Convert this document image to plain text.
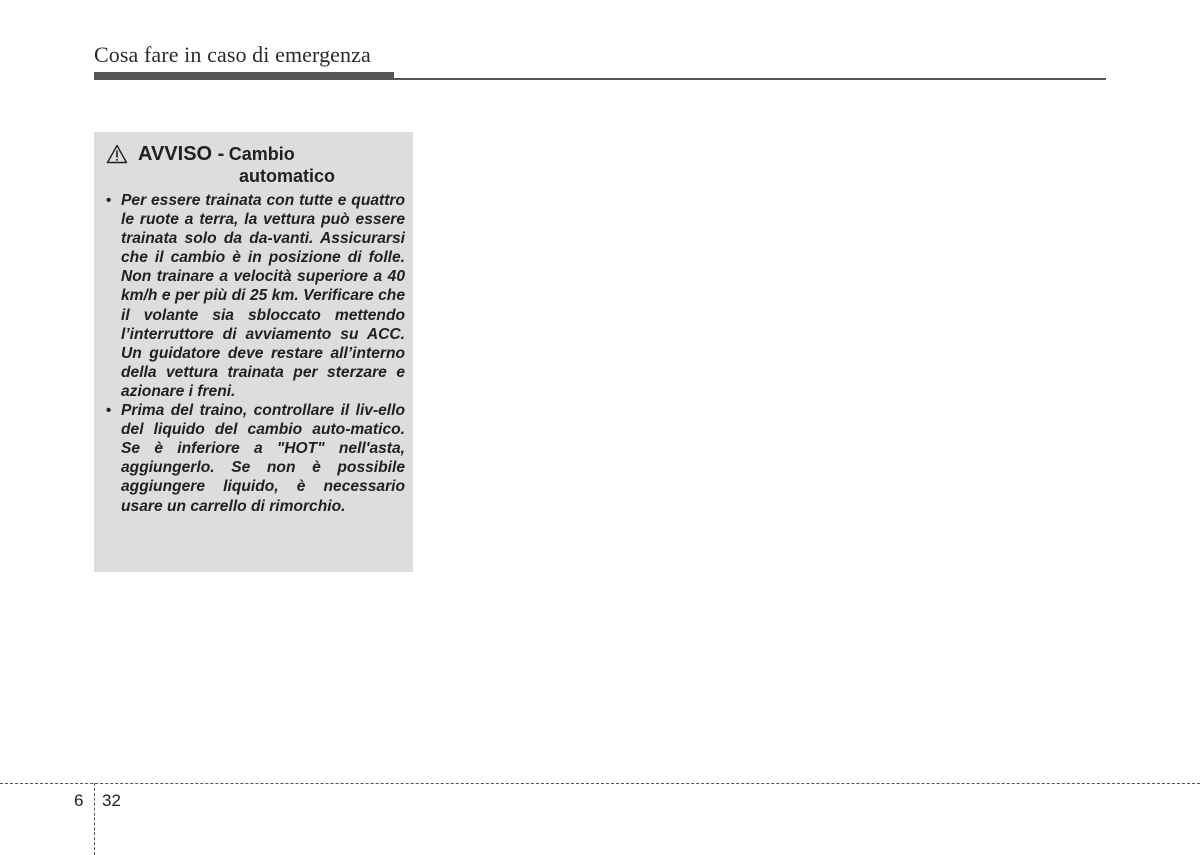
Cosa fare in caso di emergenza
AVVISO - Cambio
automatico
• Per essere trainata con tutte e quattro le ruote a terra, la vettura può essere trainata solo da da-vanti. Assicurarsi che il cambio è in posizione di folle. Non trainare a velocità superiore a 40 km/h e per più di 25 km. Verificare che il volante sia sbloccato mettendo l’interruttore di avviamento su ACC. Un guidatore deve restare all’interno della vettura trainata per sterzare e azionare i freni.
• Prima del traino, controllare il liv-ello del liquido del cambio auto-matico. Se è inferiore a "HOT" nell'asta, aggiungerlo. Se non è possibile aggiungere liquido, è necessario usare un carrello di rimorchio.
6 32
